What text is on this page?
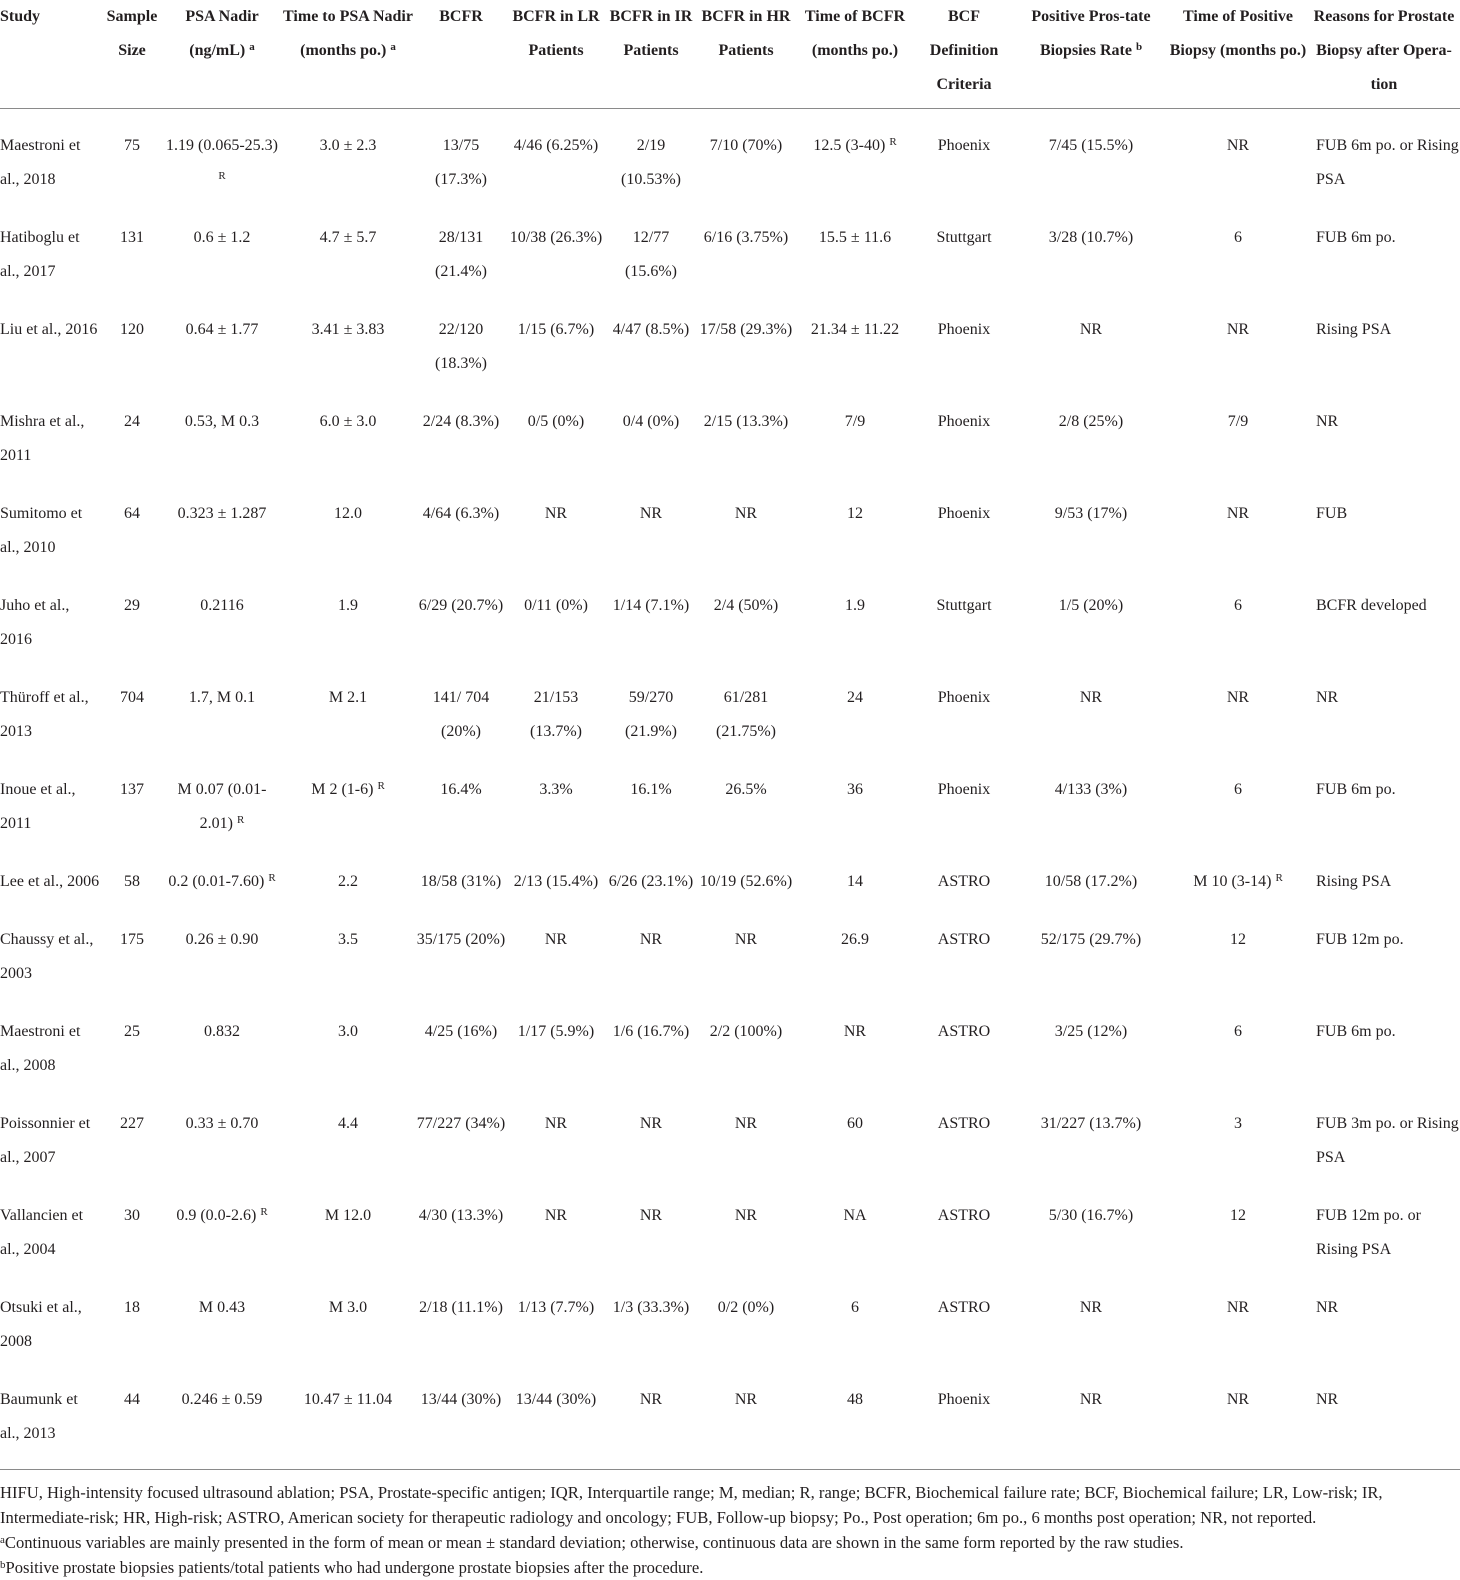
Study	Sample Size	PSA Nadir (ng/mL) $^a$	Time to PSA Nadir (months po.) $^a$	BCFR	BCFR in LR Patients	BCFR in IR Patients	BCFR in HR Patients	Time of BCFR (months po.)	BCF Definition Criteria	Positive Pros-tate Biopsies Rate $^b$	Time of Positive Biopsy (months po.)	Reasons for Prostate Biopsy after Opera-tion
Maestroni et al., 2018	75	1.19 (0.065-25.3) $^R$	3.0 ± 2.3	13/75 (17.3%)	4/46 (6.25%)	2/19 (10.53%)	7/10 (70%)	12.5 (3-40) $^R$	Phoenix	7/45 (15.5%)	NR	FUB 6m po. or Rising PSA
Hatiboglu et al., 2017	131	0.6 ± 1.2	4.7 ± 5.7	28/131 (21.4%)	10/38 (26.3%)	12/77 (15.6%)	6/16 (3.75%)	15.5 ± 11.6	Stuttgart	3/28 (10.7%)	6	FUB 6m po.
Liu et al., 2016	120	0.64 ± 1.77	3.41 ± 3.83	22/120 (18.3%)	1/15 (6.7%)	4/47 (8.5%)	17/58 (29.3%)	21.34 ± 11.22	Phoenix	NR	NR	Rising PSA
Mishra et al., 2011	24	0.53, M 0.3	6.0 ± 3.0	2/24 (8.3%)	0/5 (0%)	0/4 (0%)	2/15 (13.3%)	7/9	Phoenix	2/8 (25%)	7/9	NR
Sumitomo et al., 2010	64	0.323 ± 1.287	12.0	4/64 (6.3%)	NR	NR	NR	12	Phoenix	9/53 (17%)	NR	FUB
Juho et al., 2016	29	0.2116	1.9	6/29 (20.7%)	0/11 (0%)	1/14 (7.1%)	2/4 (50%)	1.9	Stuttgart	1/5 (20%)	6	BCFR developed
Thüroff et al., 2013	704	1.7, M 0.1	M 2.1	141/ 704 (20%)	21/153 (13.7%)	59/270 (21.9%)	61/281 (21.75%)	24	Phoenix	NR	NR	NR
Inoue et al., 2011	137	M 0.07 (0.01-2.01) $^R$	M 2 (1-6) $^R$	16.4%	3.3%	16.1%	26.5%	36	Phoenix	4/133 (3%)	6	FUB 6m po.
Lee et al., 2006	58	0.2 (0.01-7.60) $^R$	2.2	18/58 (31%)	2/13 (15.4%)	6/26 (23.1%)	10/19 (52.6%)	14	ASTRO	10/58 (17.2%)	M 10 (3-14) $^R$	Rising PSA
Chaussy et al., 2003	175	0.26 ± 0.90	3.5	35/175 (20%)	NR	NR	NR	26.9	ASTRO	52/175 (29.7%)	12	FUB 12m po.
Maestroni et al., 2008	25	0.832	3.0	4/25 (16%)	1/17 (5.9%)	1/6 (16.7%)	2/2 (100%)	NR	ASTRO	3/25 (12%)	6	FUB 6m po.
Poissonnier et al., 2007	227	0.33 ± 0.70	4.4	77/227 (34%)	NR	NR	NR	60	ASTRO	31/227 (13.7%)	3	FUB 3m po. or Rising PSA
Vallancien et al., 2004	30	0.9 (0.0-2.6) $^R$	M 12.0	4/30 (13.3%)	NR	NR	NR	NA	ASTRO	5/30 (16.7%)	12	FUB 12m po. or Rising PSA
Otsuki et al., 2008	18	M 0.43	M 3.0	2/18 (11.1%)	1/13 (7.7%)	1/3 (33.3%)	0/2 (0%)	6	ASTRO	NR	NR	NR
Baumunk et al., 2013	44	0.246 ± 0.59	10.47 ± 11.04	13/44 (30%)	13/44 (30%)	NR	NR	48	Phoenix	NR	NR	NR

HIFU, High-intensity focused ultrasound ablation; PSA, Prostate-specific antigen; IQR, Interquartile range; M, median; R, range; BCFR, Biochemical failure rate; BCF, Biochemical failure; LR, Low-risk; IR, Intermediate-risk; HR, High-risk; ASTRO, American society for therapeutic radiology and oncology; FUB, Follow-up biopsy; Po., Post operation; 6m po., 6 months post operation; NR, not reported.

$^a$Continuous variables are mainly presented in the form of mean or mean ± standard deviation; otherwise, continuous data are shown in the same form reported by the raw studies.

$^b$Positive prostate biopsies patients/total patients who had undergone prostate biopsies after the procedure.
